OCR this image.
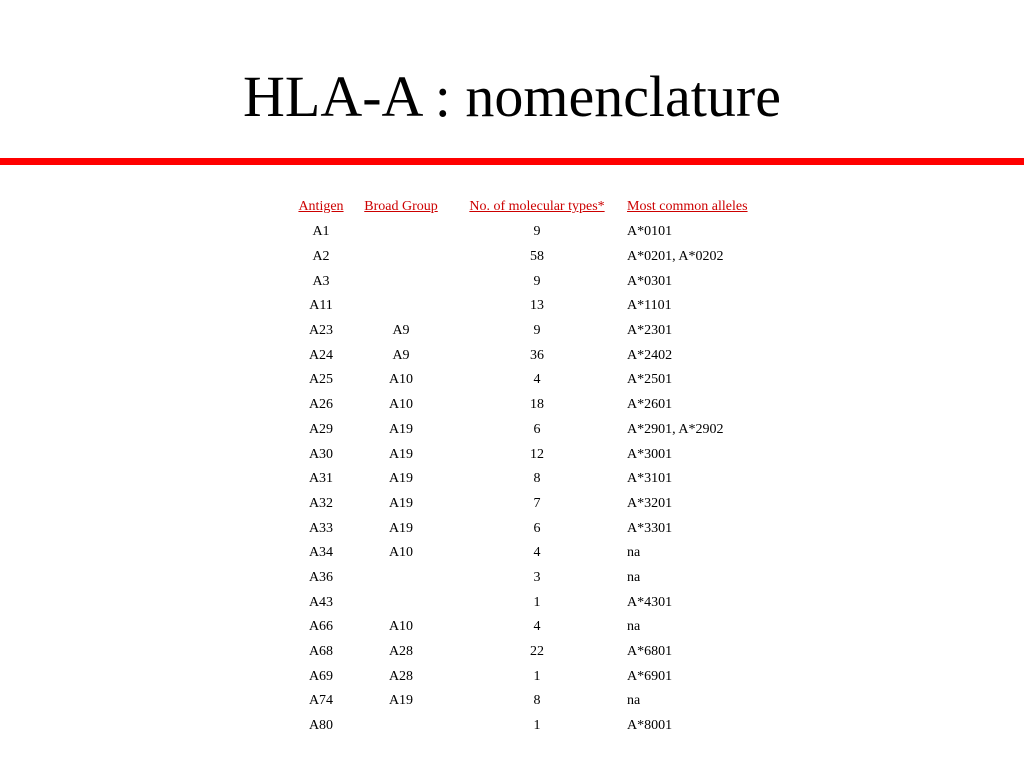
HLA-A : nomenclature
Antigen	Broad Group	No. of molecular types*	Most common alleles
A1		9	A*0101
A2		58	A*0201, A*0202
A3		9	A*0301
A11		13	A*1101
A23	A9	9	A*2301
A24	A9	36	A*2402
A25	A10	4	A*2501
A26	A10	18	A*2601
A29	A19	6	A*2901, A*2902
A30	A19	12	A*3001
A31	A19	8	A*3101
A32	A19	7	A*3201
A33	A19	6	A*3301
A34	A10	4	na
A36		3	na
A43		1	A*4301
A66	A10	4	na
A68	A28	22	A*6801
A69	A28	1	A*6901
A74	A19	8	na
A80		1	A*8001
